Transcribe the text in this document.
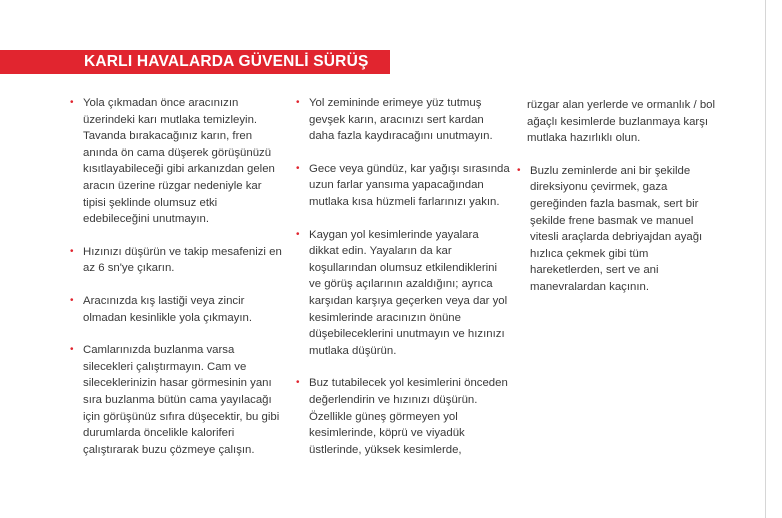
KARLI HAVALARDA GÜVENLİ SÜRÜŞ
• Yola çıkmadan önce aracınızın üzerindeki karı mutlaka temizleyin. Tavanda bırakacağınız karın, fren anında ön cama düşerek görüşünüzü kısıtlayabileceği gibi arkanızdan gelen aracın üzerine rüzgar nedeniyle kar tipisi şeklinde olumsuz etki edebileceğini unutmayın.
• Hızınızı düşürün ve takip mesafenizi en az 6 sn'ye çıkarın.
• Aracınızda kış lastiği veya zincir olmadan kesinlikle yola çıkmayın.
• Camlarınızda buzlanma varsa silecekleri çalıştırmayın. Cam ve sileceklerinizin hasar görmesinin yanı sıra buzlanma bütün cama yayılacağı için görüşünüz sıfıra düşecektir, bu gibi durumlarda öncelikle kaloriferi çalıştırarak buzu çözmeye çalışın.
• Yol zemininde erimeye yüz tutmuş gevşek karın, aracınızı sert kardan daha fazla kaydıracağını unutmayın.
• Gece veya gündüz, kar yağışı sırasında uzun farlar yansıma yapacağından mutlaka kısa hüzmeli farlarınızı yakın.
• Kaygan yol kesimlerinde yayalara dikkat edin. Yayaların da kar koşullarından olumsuz etkilendiklerini ve görüş açılarının azaldığını; ayrıca karşıdan karşıya geçerken veya dar yol kesimlerinde aracınızın önüne düşebileceklerini unutmayın ve hızınızı mutlaka düşürün.
• Buz tutabilecek yol kesimlerini önceden değerlendirin ve hızınızı düşürün. Özellikle güneş görmeyen yol kesimlerinde, köprü ve viyadük üstlerinde, yüksek kesimlerde,
rüzgar alan yerlerde ve ormanlık / bol ağaçlı kesimlerde buzlanmaya karşı mutlaka hazırlıklı olun.
• Buzlu zeminlerde ani bir şekilde direksiyonu çevirmek, gaza gereğinden fazla basmak, sert bir şekilde frene basmak ve manuel vitesli araçlarda debriyajdan ayağı hızlıca çekmek gibi tüm hareketlerden, sert ve ani manevralardan kaçının.
